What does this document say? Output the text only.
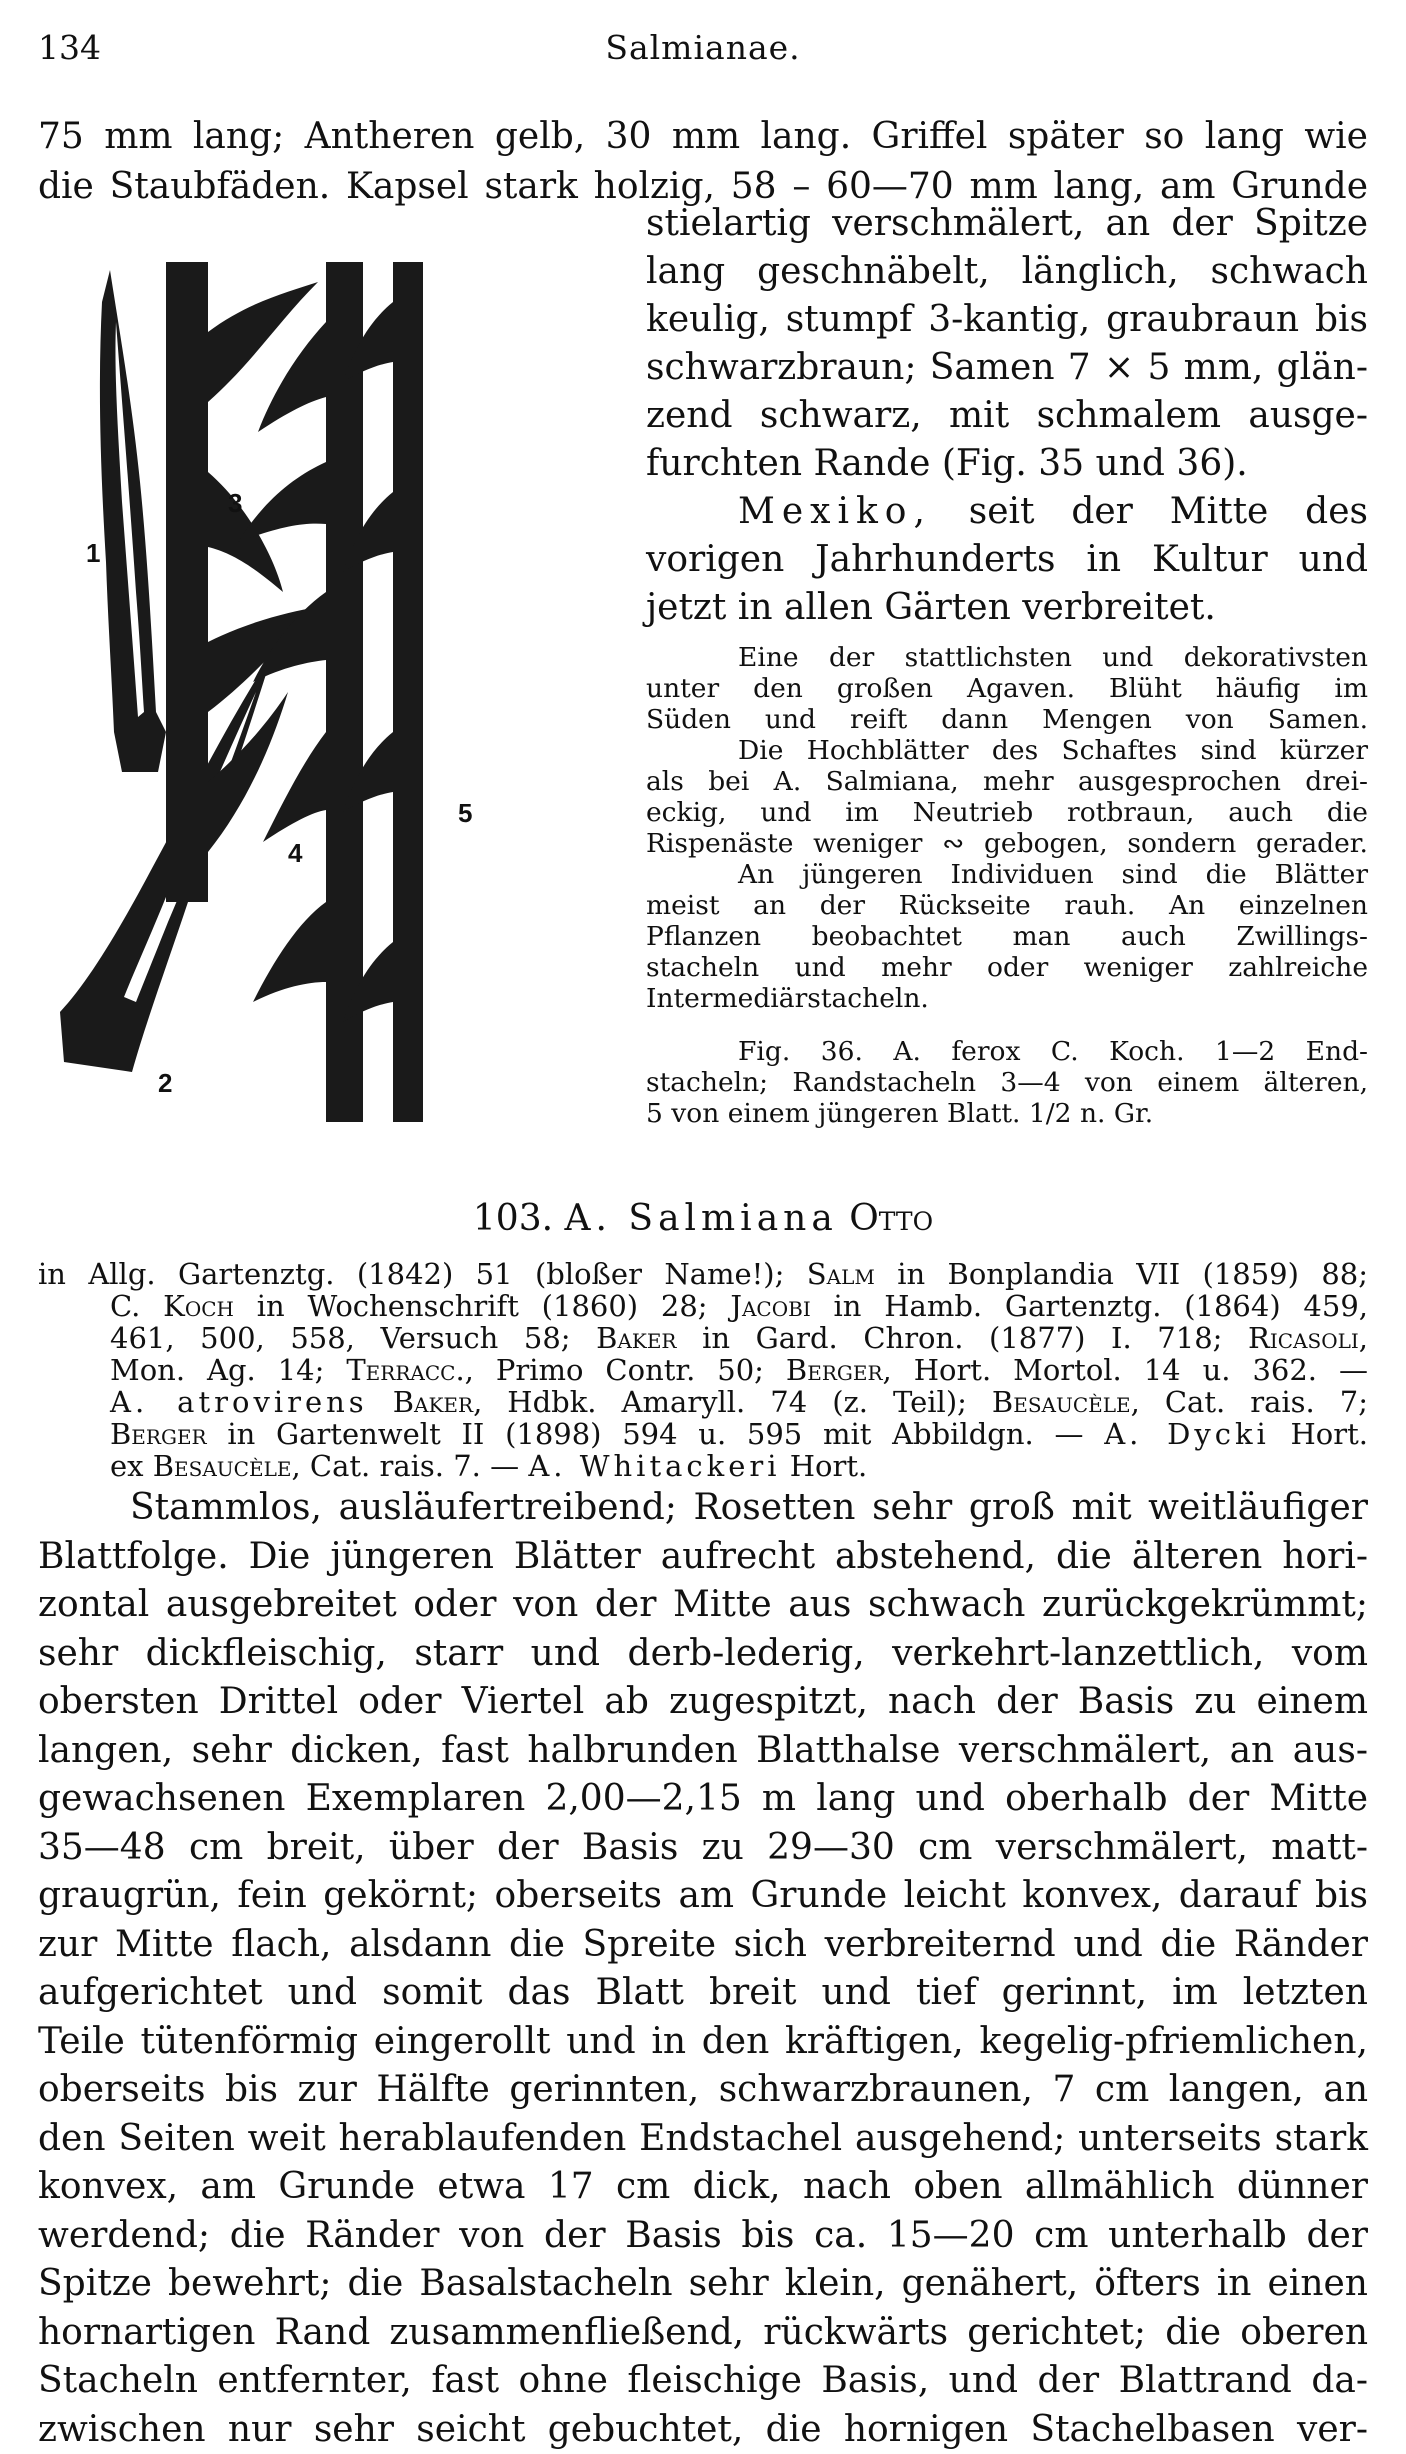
134	Salmianae.
75 mm lang; Antheren gelb, 30 mm lang. Griffel später so lang wie
die Staubfäden. Kapsel stark holzig, 58 – 60—70 mm lang, am Grunde
1
2
3
4
5

stielartig verschmälert, an der Spitze
lang geschnäbelt, länglich, schwach
keulig, stumpf 3-kantig, graubraun bis
schwarzbraun; Samen 7 × 5 mm, glän-
zend schwarz, mit schmalem ausge-
furchten Rande (Fig. 35 und 36).

Mexiko, seit der Mitte des
vorigen Jahrhunderts in Kultur und
jetzt in allen Gärten verbreitet.

Eine der stattlichsten und dekorativsten
unter den großen Agaven. Blüht häufig im
Süden und reift dann Mengen von Samen.

Die Hochblätter des Schaftes sind kürzer
als bei A. Salmiana, mehr ausgesprochen drei-
eckig, und im Neutrieb rotbraun, auch die
Rispenäste weniger ∾ gebogen, sondern gerader.

An jüngeren Individuen sind die Blätter
meist an der Rückseite rauh. An einzelnen
Pflanzen beobachtet man auch Zwillings-
stacheln und mehr oder weniger zahlreiche
Intermediärstacheln.

Fig. 36. A. ferox C. Koch. 1—2 End-
stacheln; Randstacheln 3—4 von einem älteren,
5 von einem jüngeren Blatt. 1/2 n. Gr.

103. A. Salmiana Otto
in Allg. Gartenztg. (1842) 51 (bloßer Name!); Salm in Bonplandia VII (1859) 88;
C. Koch in Wochenschrift (1860) 28; Jacobi in Hamb. Gartenztg. (1864) 459,
461, 500, 558, Versuch 58; Baker in Gard. Chron. (1877) I. 718; Ricasoli,
Mon. Ag. 14; Terracc., Primo Contr. 50; Berger, Hort. Mortol. 14 u. 362. —
A. atrovirens Baker, Hdbk. Amaryll. 74 (z. Teil); Besaucèle, Cat. rais. 7;
Berger in Gartenwelt II (1898) 594 u. 595 mit Abbildgn. — A. Dycki Hort.
ex Besaucèle, Cat. rais. 7. — A. Whitackeri Hort.
Stammlos, ausläufertreibend; Rosetten sehr groß mit weitläufiger
Blattfolge. Die jüngeren Blätter aufrecht abstehend, die älteren hori-
zontal ausgebreitet oder von der Mitte aus schwach zurückgekrümmt;
sehr dickfleischig, starr und derb-lederig, verkehrt-lanzettlich, vom
obersten Drittel oder Viertel ab zugespitzt, nach der Basis zu einem
langen, sehr dicken, fast halbrunden Blatthalse verschmälert, an aus-
gewachsenen Exemplaren 2,00—2,15 m lang und oberhalb der Mitte
35—48 cm breit, über der Basis zu 29—30 cm verschmälert, matt-
graugrün, fein gekörnt; oberseits am Grunde leicht konvex, darauf bis
zur Mitte flach, alsdann die Spreite sich verbreiternd und die Ränder
aufgerichtet und somit das Blatt breit und tief gerinnt, im letzten
Teile tütenförmig eingerollt und in den kräftigen, kegelig-pfriemlichen,
oberseits bis zur Hälfte gerinnten, schwarzbraunen, 7 cm langen, an
den Seiten weit herablaufenden Endstachel ausgehend; unterseits stark
konvex, am Grunde etwa 17 cm dick, nach oben allmählich dünner
werdend; die Ränder von der Basis bis ca. 15—20 cm unterhalb der
Spitze bewehrt; die Basalstacheln sehr klein, genähert, öfters in einen
hornartigen Rand zusammenfließend, rückwärts gerichtet; die oberen
Stacheln entfernter, fast ohne fleischige Basis, und der Blattrand da-
zwischen nur sehr seicht gebuchtet, die hornigen Stachelbasen ver-
